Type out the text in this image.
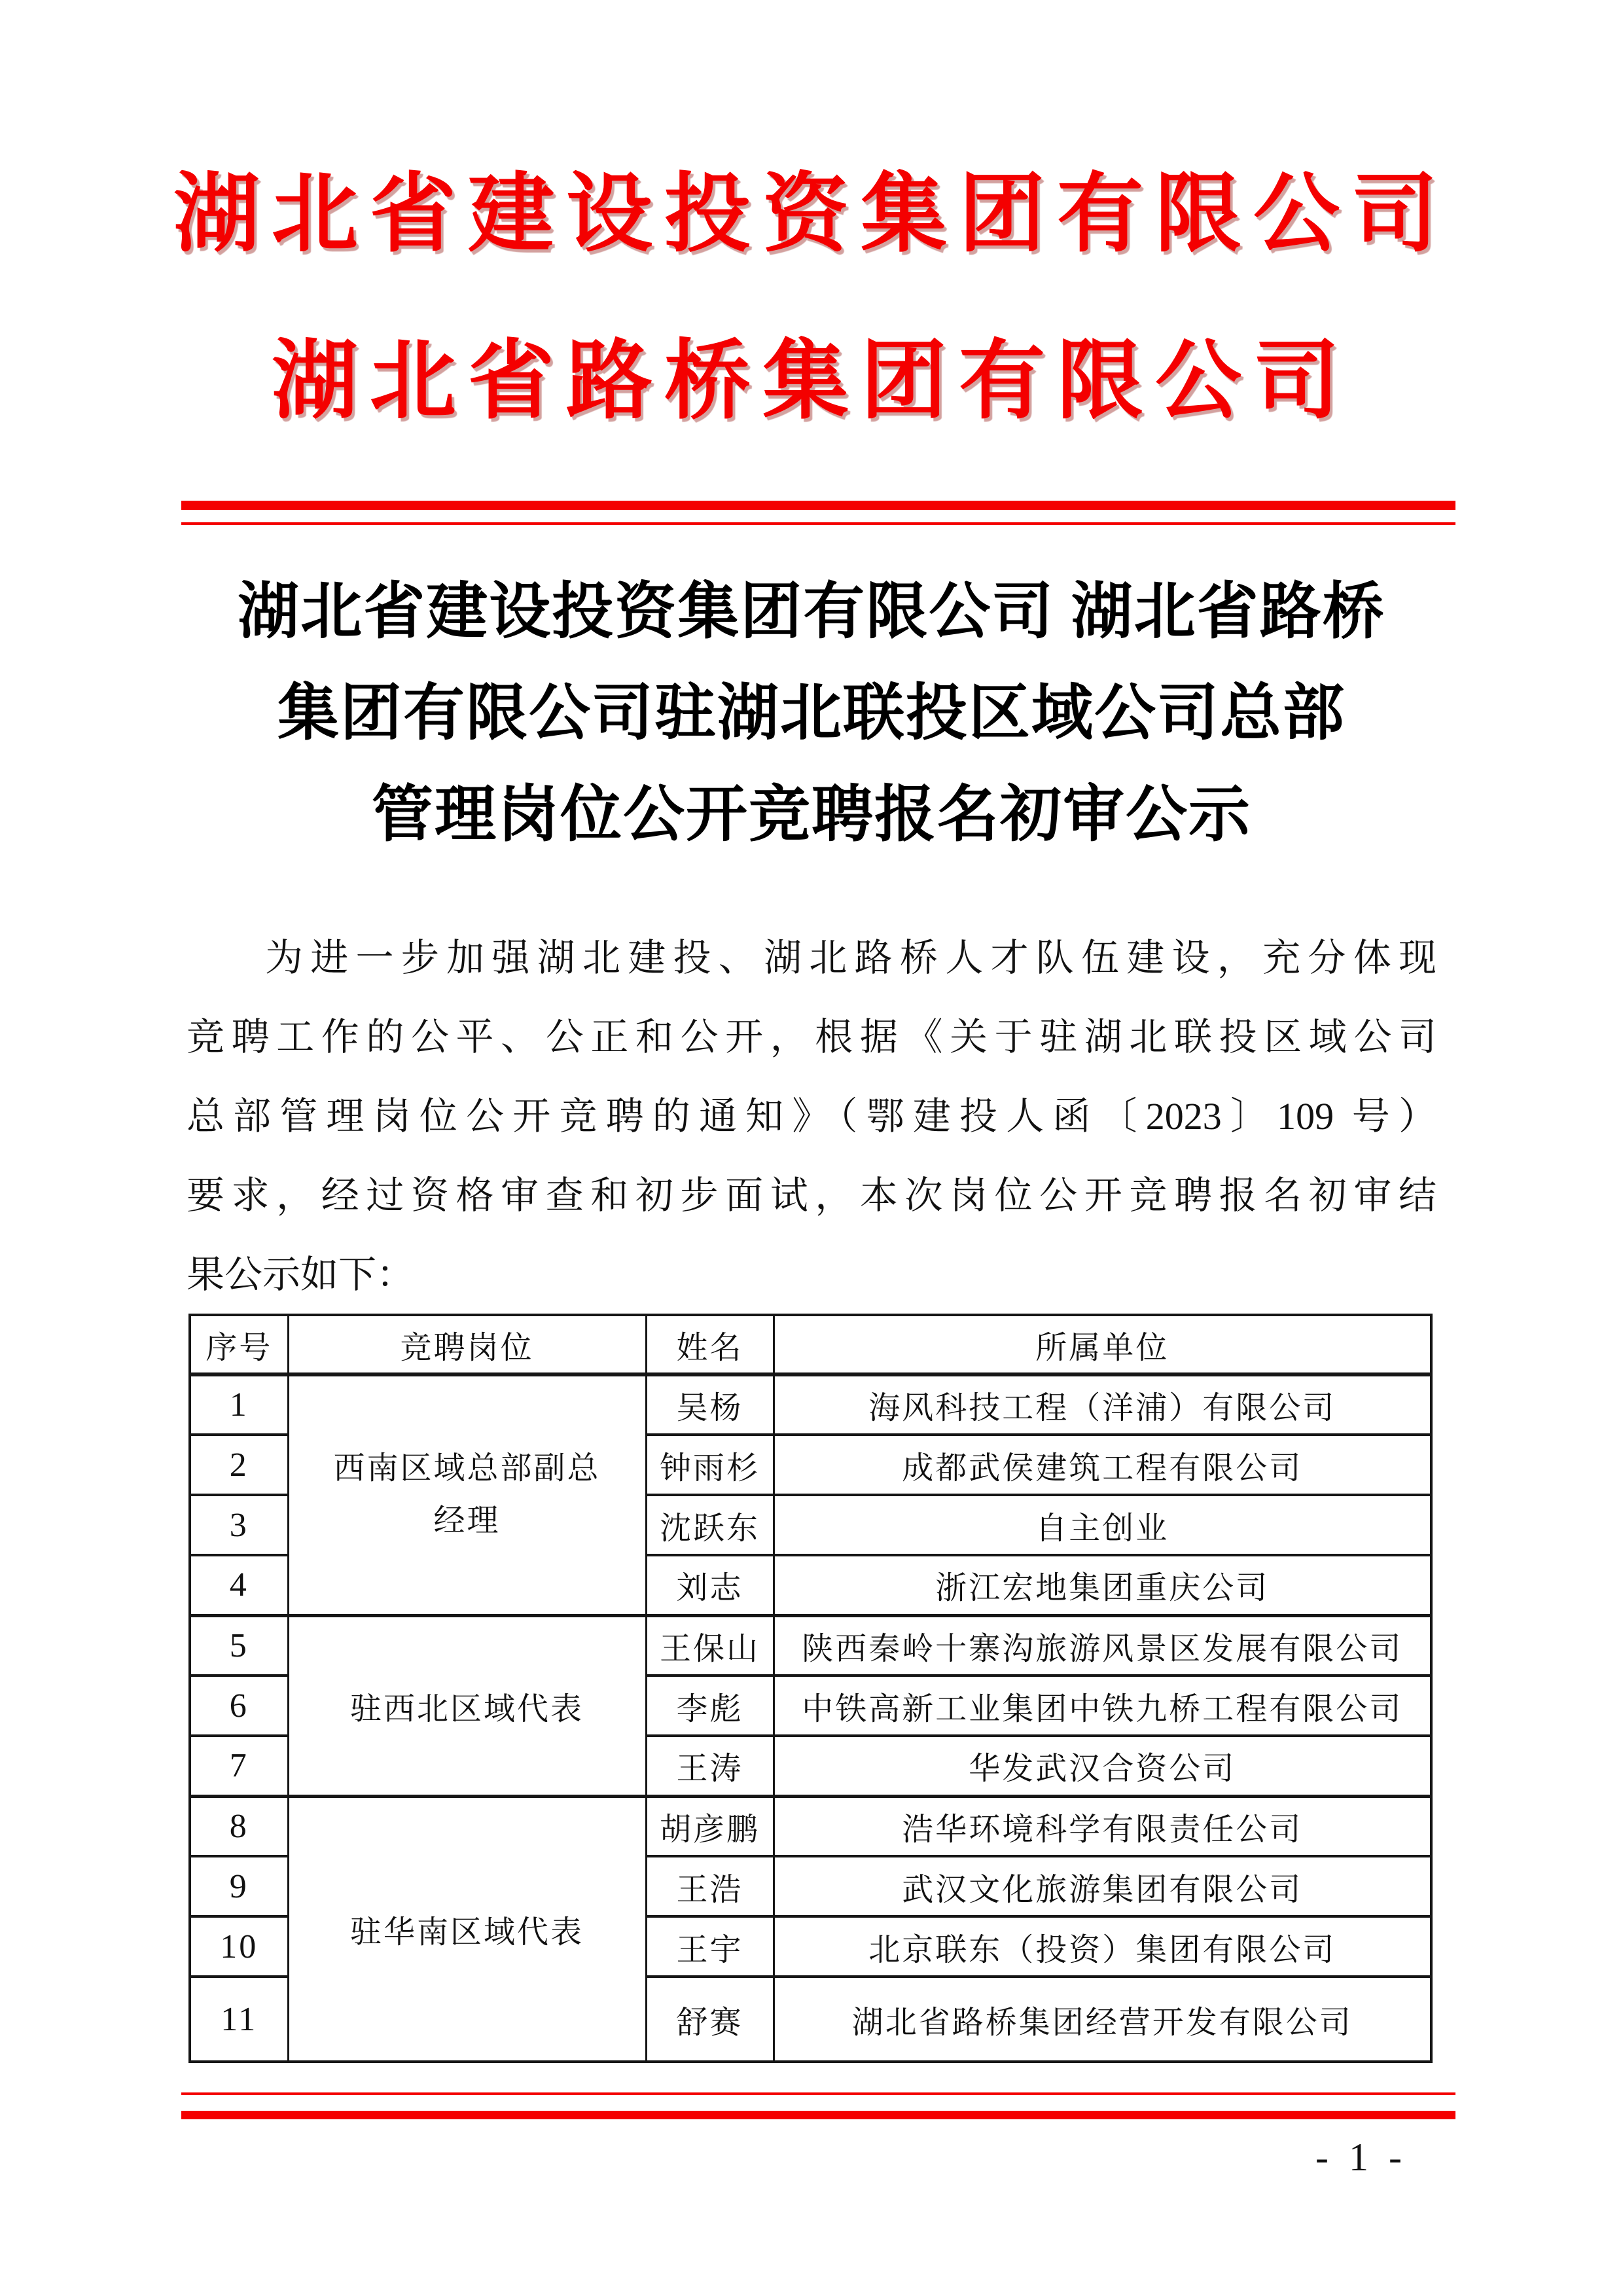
湖北省建设投资集团有限公司
湖北省路桥集团有限公司
湖北省建设投资集团有限公司 湖北省路桥
集团有限公司驻湖北联投区域公司总部
管理岗位公开竞聘报名初审公示
为进一步加强湖北建投、湖北路桥人才队伍建设，充分体现
竞聘工作的公平、公正和公开，根据《关于驻湖北联投区域公司
总部管理岗位公开竞聘的通知》（鄂建投人函〔2023〕109 号）
要求，经过资格审查和初步面试，本次岗位公开竞聘报名初审结
果公示如下：
序号	竞聘岗位	姓名	所属单位
1	西南区域总部副总经理	吴杨	海风科技工程（洋浦）有限公司
2		钟雨杉	成都武侯建筑工程有限公司
3		沈跃东	自主创业
4		刘志	浙江宏地集团重庆公司
5	驻西北区域代表	王保山	陕西秦岭十寨沟旅游风景区发展有限公司
6		李彪	中铁高新工业集团中铁九桥工程有限公司
7		王涛	华发武汉合资公司
8	驻华南区域代表	胡彦鹏	浩华环境科学有限责任公司
9		王浩	武汉文化旅游集团有限公司
10		王宇	北京联东（投资）集团有限公司
11		舒赛	湖北省路桥集团经营开发有限公司
- 1 -
